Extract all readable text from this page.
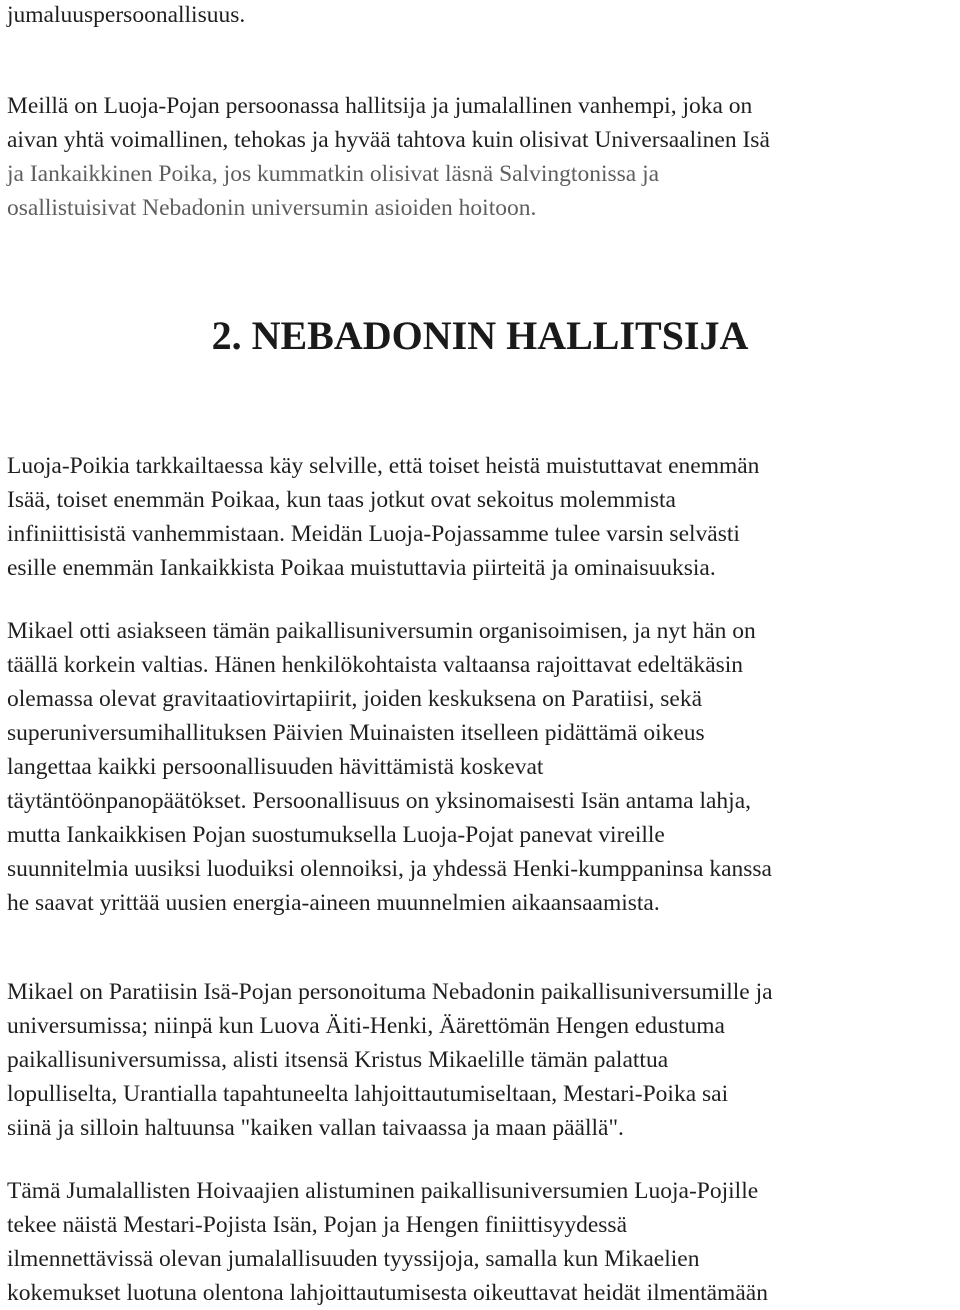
jumaluuspersoonallisuus.

Meillä on Luoja-Pojan persoonassa hallitsija ja jumalallinen vanhempi, joka on
aivan yhtä voimallinen, tehokas ja hyvää tahtova kuin olisivat Universaalinen Isä
ja Iankaikkinen Poika, jos kummatkin olisivat läsnä Salvingtonissa ja
osallistuisivat Nebadonin universumin asioiden hoitoon.

2. NEBADONIN HALLITSIJA

Luoja-Poikia tarkkailtaessa käy selville, että toiset heistä muistuttavat enemmän
Isää, toiset enemmän Poikaa, kun taas jotkut ovat sekoitus molemmista
infiniittisistä vanhemmistaan. Meidän Luoja-Pojassamme tulee varsin selvästi
esille enemmän Iankaikkista Poikaa muistuttavia piirteitä ja ominaisuuksia.

Mikael otti asiakseen tämän paikallisuniversumin organisoimisen, ja nyt hän on
täällä korkein valtias. Hänen henkilökohtaista valtaansa rajoittavat edeltäkäsin
olemassa olevat gravitaatiovirtapiirit, joiden keskuksena on Paratiisi, sekä
superuniversumihallituksen Päivien Muinaisten itselleen pidättämä oikeus
langettaa kaikki persoonallisuuden hävittämistä koskevat
täytäntöönpanopäätökset. Persoonallisuus on yksinomaisesti Isän antama lahja,
mutta Iankaikkisen Pojan suostumuksella Luoja-Pojat panevat vireille
suunnitelmia uusiksi luoduiksi olennoiksi, ja yhdessä Henki-kumppaninsa kanssa
he saavat yrittää uusien energia-aineen muunnelmien aikaansaamista.

Mikael on Paratiisin Isä-Pojan personoituma Nebadonin paikallisuniversumille ja
universumissa; niinpä kun Luova Äiti-Henki, Äärettömän Hengen edustuma
paikallisuniversumissa, alisti itsensä Kristus Mikaelille tämän palattua
lopulliselta, Urantialla tapahtuneelta lahjoittautumiseltaan, Mestari-Poika sai
siinä ja silloin haltuunsa "kaiken vallan taivaassa ja maan päällä".

Tämä Jumalallisten Hoivaajien alistuminen paikallisuniversumien Luoja-Pojille
tekee näistä Mestari-Pojista Isän, Pojan ja Hengen finiittisyydessä
ilmennettävissä olevan jumalallisuuden tyyssijoja, samalla kun Mikaelien
kokemukset luotuna olentona lahjoittautumisesta oikeuttavat heidät ilmentämään
